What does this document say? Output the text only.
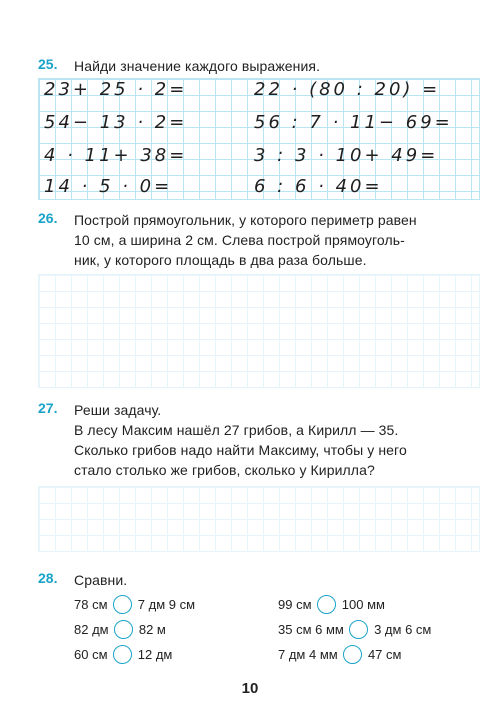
25. Найди значение каждого выражения.
23+ 25 · 2=
54− 13 · 2=
4 · 11+ 38=
14 · 5 · 0=
22 · (80 : 20) =
56 : 7 · 11− 69=
3 : 3 · 10+ 49=
6 : 6 · 40=
26. Построй прямоугольник, у которого периметр равен
10 см, а ширина 2 см. Слева построй прямоуголь-
ник, у которого площадь в два раза больше.
27. Реши задачу.
В лесу Максим нашёл 27 грибов, а Кирилл — 35.
Сколько грибов надо найти Максиму, чтобы у него
стало столько же грибов, сколько у Кирилла?
28. Сравни.
78 см 7 дм 9 см
82 дм 82 м
60 см 12 дм
99 см 100 мм
35 см 6 мм 3 дм 6 см
7 дм 4 мм 47 см
10
